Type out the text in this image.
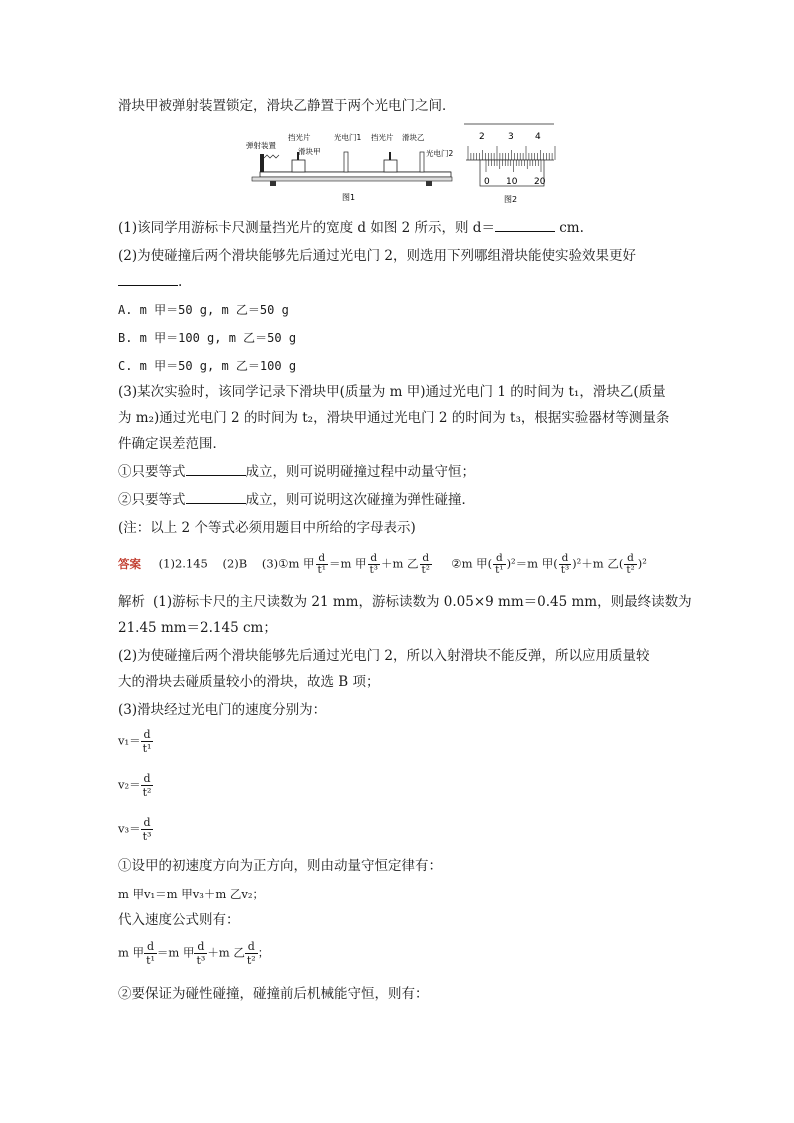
滑块甲被弹射装置锁定，滑块乙静置于两个光电门之间．
弹射装置
挡光片
滑块甲
光电门1 挡光片 滑块乙
光电门2
图1
2	3 4
0 10 20
图2
(1)该同学用游标卡尺测量挡光片的宽度 d 如图 2 所示，则 d＝	cm.
(2)为使碰撞后两个滑块能够先后通过光电门 2，则选用下列哪组滑块能使实验效果更好
.
A. m 甲＝50 g, m 乙＝50 g
B. m 甲＝100 g, m 乙＝50 g
C. m 甲＝50 g, m 乙＝100 g
(3)某次实验时，该同学记录下滑块甲(质量为 m 甲)通过光电门 1 的时间为 t₁，滑块乙(质量
为 m₂)通过光电门 2 的时间为 t₂，滑块甲通过光电门 2 的时间为 t₃，根据实验器材等测量条
件确定误差范围．
①只要等式	成立，则可说明碰撞过程中动量守恒；
②只要等式	成立，则可说明这次碰撞为弹性碰撞．
(注：以上 2 个等式必须用题目中所给的字母表示)
答案 (1)2.145 (2)B (3)①m 甲 $\frac{d}{\text{t¹}} =m$ 甲 $\frac{d}{\text{t³}} +m$ 乙 $\frac{d}{\text{t²}}$ ②m 甲( $\frac{d}{\text{t¹}} )^2=m$ 甲( $\frac{d}{\text{t³}} )^2+m$ 乙( $\frac{d}{\text{t²}} )^2$
解析 (1)游标卡尺的主尺读数为 21 mm，游标读数为 0.05×9 mm＝0.45 mm，则最终读数为
21.45 mm＝2.145 cm；
(2)为使碰撞后两个滑块能够先后通过光电门 2，所以入射滑块不能反弹，所以应用质量较
大的滑块去碰质量较小的滑块，故选 B 项；
(3)滑块经过光电门的速度分别为：
$v_1= \frac{d}{\text{t¹}}$
$v_2= \frac{d}{\text{t²}}$
$v_3= \frac{d}{\text{t³}}$
①设甲的初速度方向为正方向，则由动量守恒定律有：
m 甲v₁＝m 甲v₃＋m 乙v₂；
代入速度公式则有：
m 甲 $\frac{d}{\text{t¹}} =m$ 甲 $\frac{d}{\text{t³}} +m$ 乙 $\frac{d}{\text{t²}}$ ；
②要保证为碰性碰撞，碰撞前后机械能守恒，则有：
